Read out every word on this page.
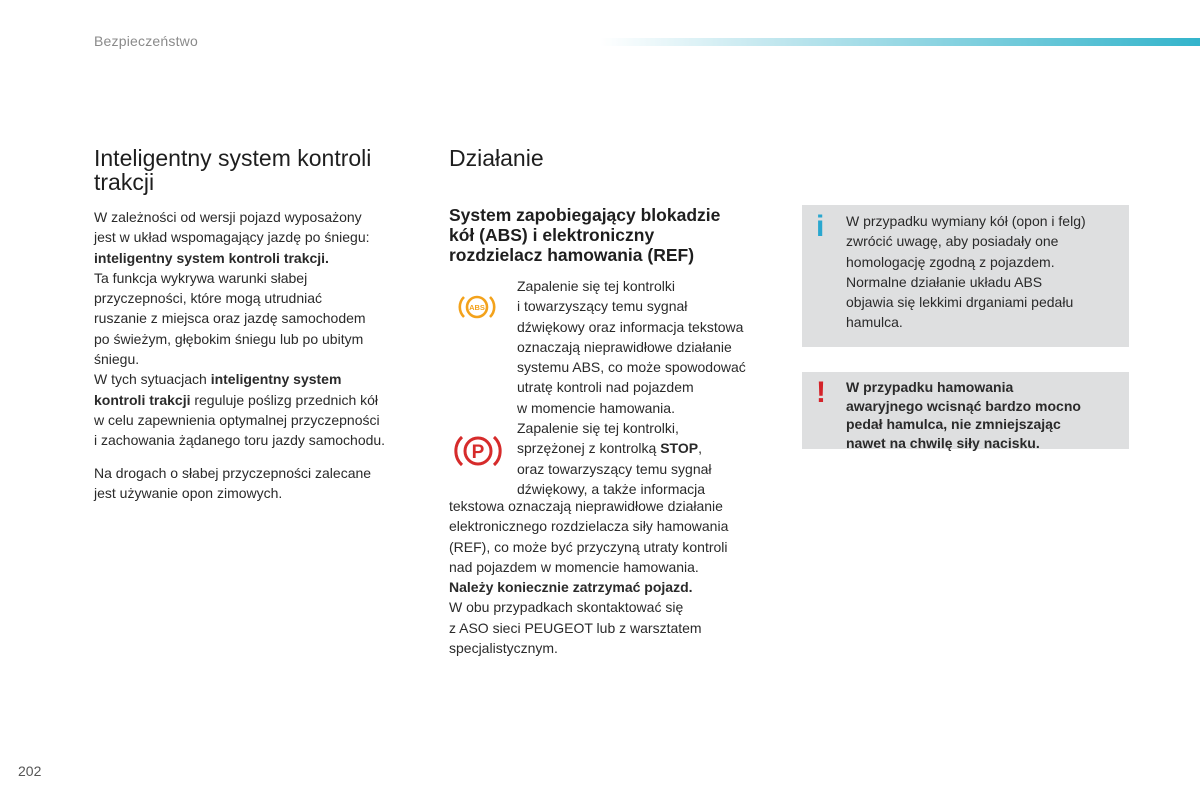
Bezpieczeństwo
Inteligentny system kontroli
trakcji

W zależności od wersji pojazd wyposażony
jest w układ wspomagający jazdę po śniegu:
inteligentny system kontroli trakcji.
Ta funkcja wykrywa warunki słabej
przyczepności, które mogą utrudniać
ruszanie z miejsca oraz jazdę samochodem
po świeżym, głębokim śniegu lub po ubitym
śniegu.
W tych sytuacjach inteligentny system
kontroli trakcji reguluje poślizg przednich kół
w celu zapewnienia optymalnej przyczepności
i zachowania żądanego toru jazdy samochodu.

Na drogach o słabej przyczepności zalecane
jest używanie opon zimowych.

Działanie
System zapobiegający blokadzie
kół (ABS) i elektroniczny
rozdzielacz hamowania (REF)
ABS

Zapalenie się tej kontrolki
i towarzyszący temu sygnał
dźwiękowy oraz informacja tekstowa
oznaczają nieprawidłowe działanie
systemu ABS, co może spowodować
utratę kontroli nad pojazdem
w momencie hamowania.

P

Zapalenie się tej kontrolki,
sprzężonej z kontrolką STOP,
oraz towarzyszący temu sygnał
dźwiękowy, a także informacja

tekstowa oznaczają nieprawidłowe działanie
elektronicznego rozdzielacza siły hamowania
(REF), co może być przyczyną utraty kontroli
nad pojazdem w momencie hamowania.
Należy koniecznie zatrzymać pojazd.
W obu przypadkach skontaktować się
z ASO sieci PEUGEOT lub z warsztatem
specjalistycznym.

i W przypadku wymiany kół (opon i felg)
zwrócić uwagę, aby posiadały one
homologację zgodną z pojazdem.
Normalne działanie układu ABS
objawia się lekkimi drganiami pedału
hamulca.

! W przypadku hamowania
awaryjnego wcisnąć bardzo mocno
pedał hamulca, nie zmniejszając
nawet na chwilę siły nacisku.

202
